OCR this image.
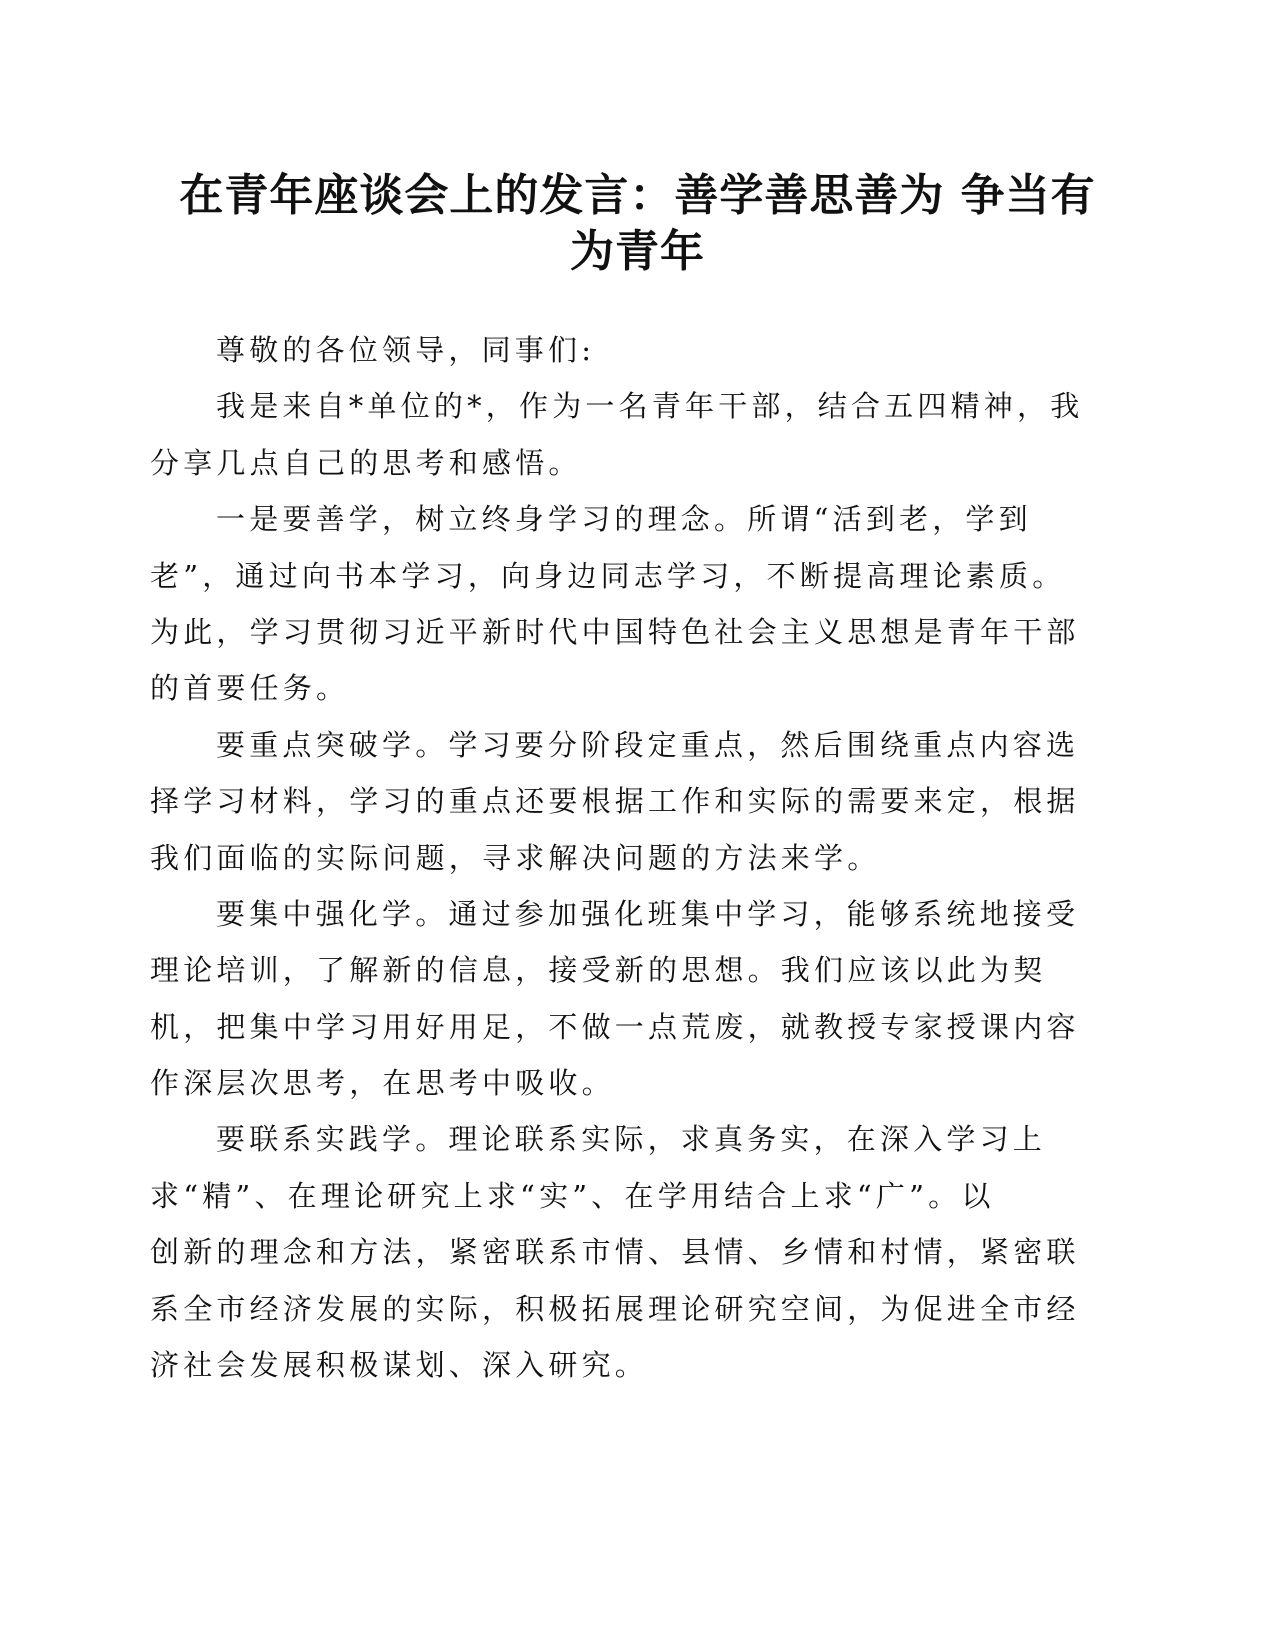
在青年座谈会上的发言：善学善思善为 争当有
为青年
尊敬的各位领导，同事们:
我是来自*单位的*，作为一名青年干部，结合五四精神，我
分享几点自己的思考和感悟。
一是要善学，树立终身学习的理念。所谓“活到老，学到
老”，通过向书本学习，向身边同志学习，不断提高理论素质。
为此，学习贯彻习近平新时代中国特色社会主义思想是青年干部
的首要任务。
要重点突破学。学习要分阶段定重点，然后围绕重点内容选
择学习材料，学习的重点还要根据工作和实际的需要来定，根据
我们面临的实际问题，寻求解决问题的方法来学。
要集中强化学。通过参加强化班集中学习，能够系统地接受
理论培训，了解新的信息，接受新的思想。我们应该以此为契
机，把集中学习用好用足，不做一点荒废，就教授专家授课内容
作深层次思考，在思考中吸收。
要联系实践学。理论联系实际，求真务实，在深入学习上
求“精”、在理论研究上求“实”、在学用结合上求“广”。以
创新的理念和方法，紧密联系市情、县情、乡情和村情，紧密联
系全市经济发展的实际，积极拓展理论研究空间，为促进全市经
济社会发展积极谋划、深入研究。
